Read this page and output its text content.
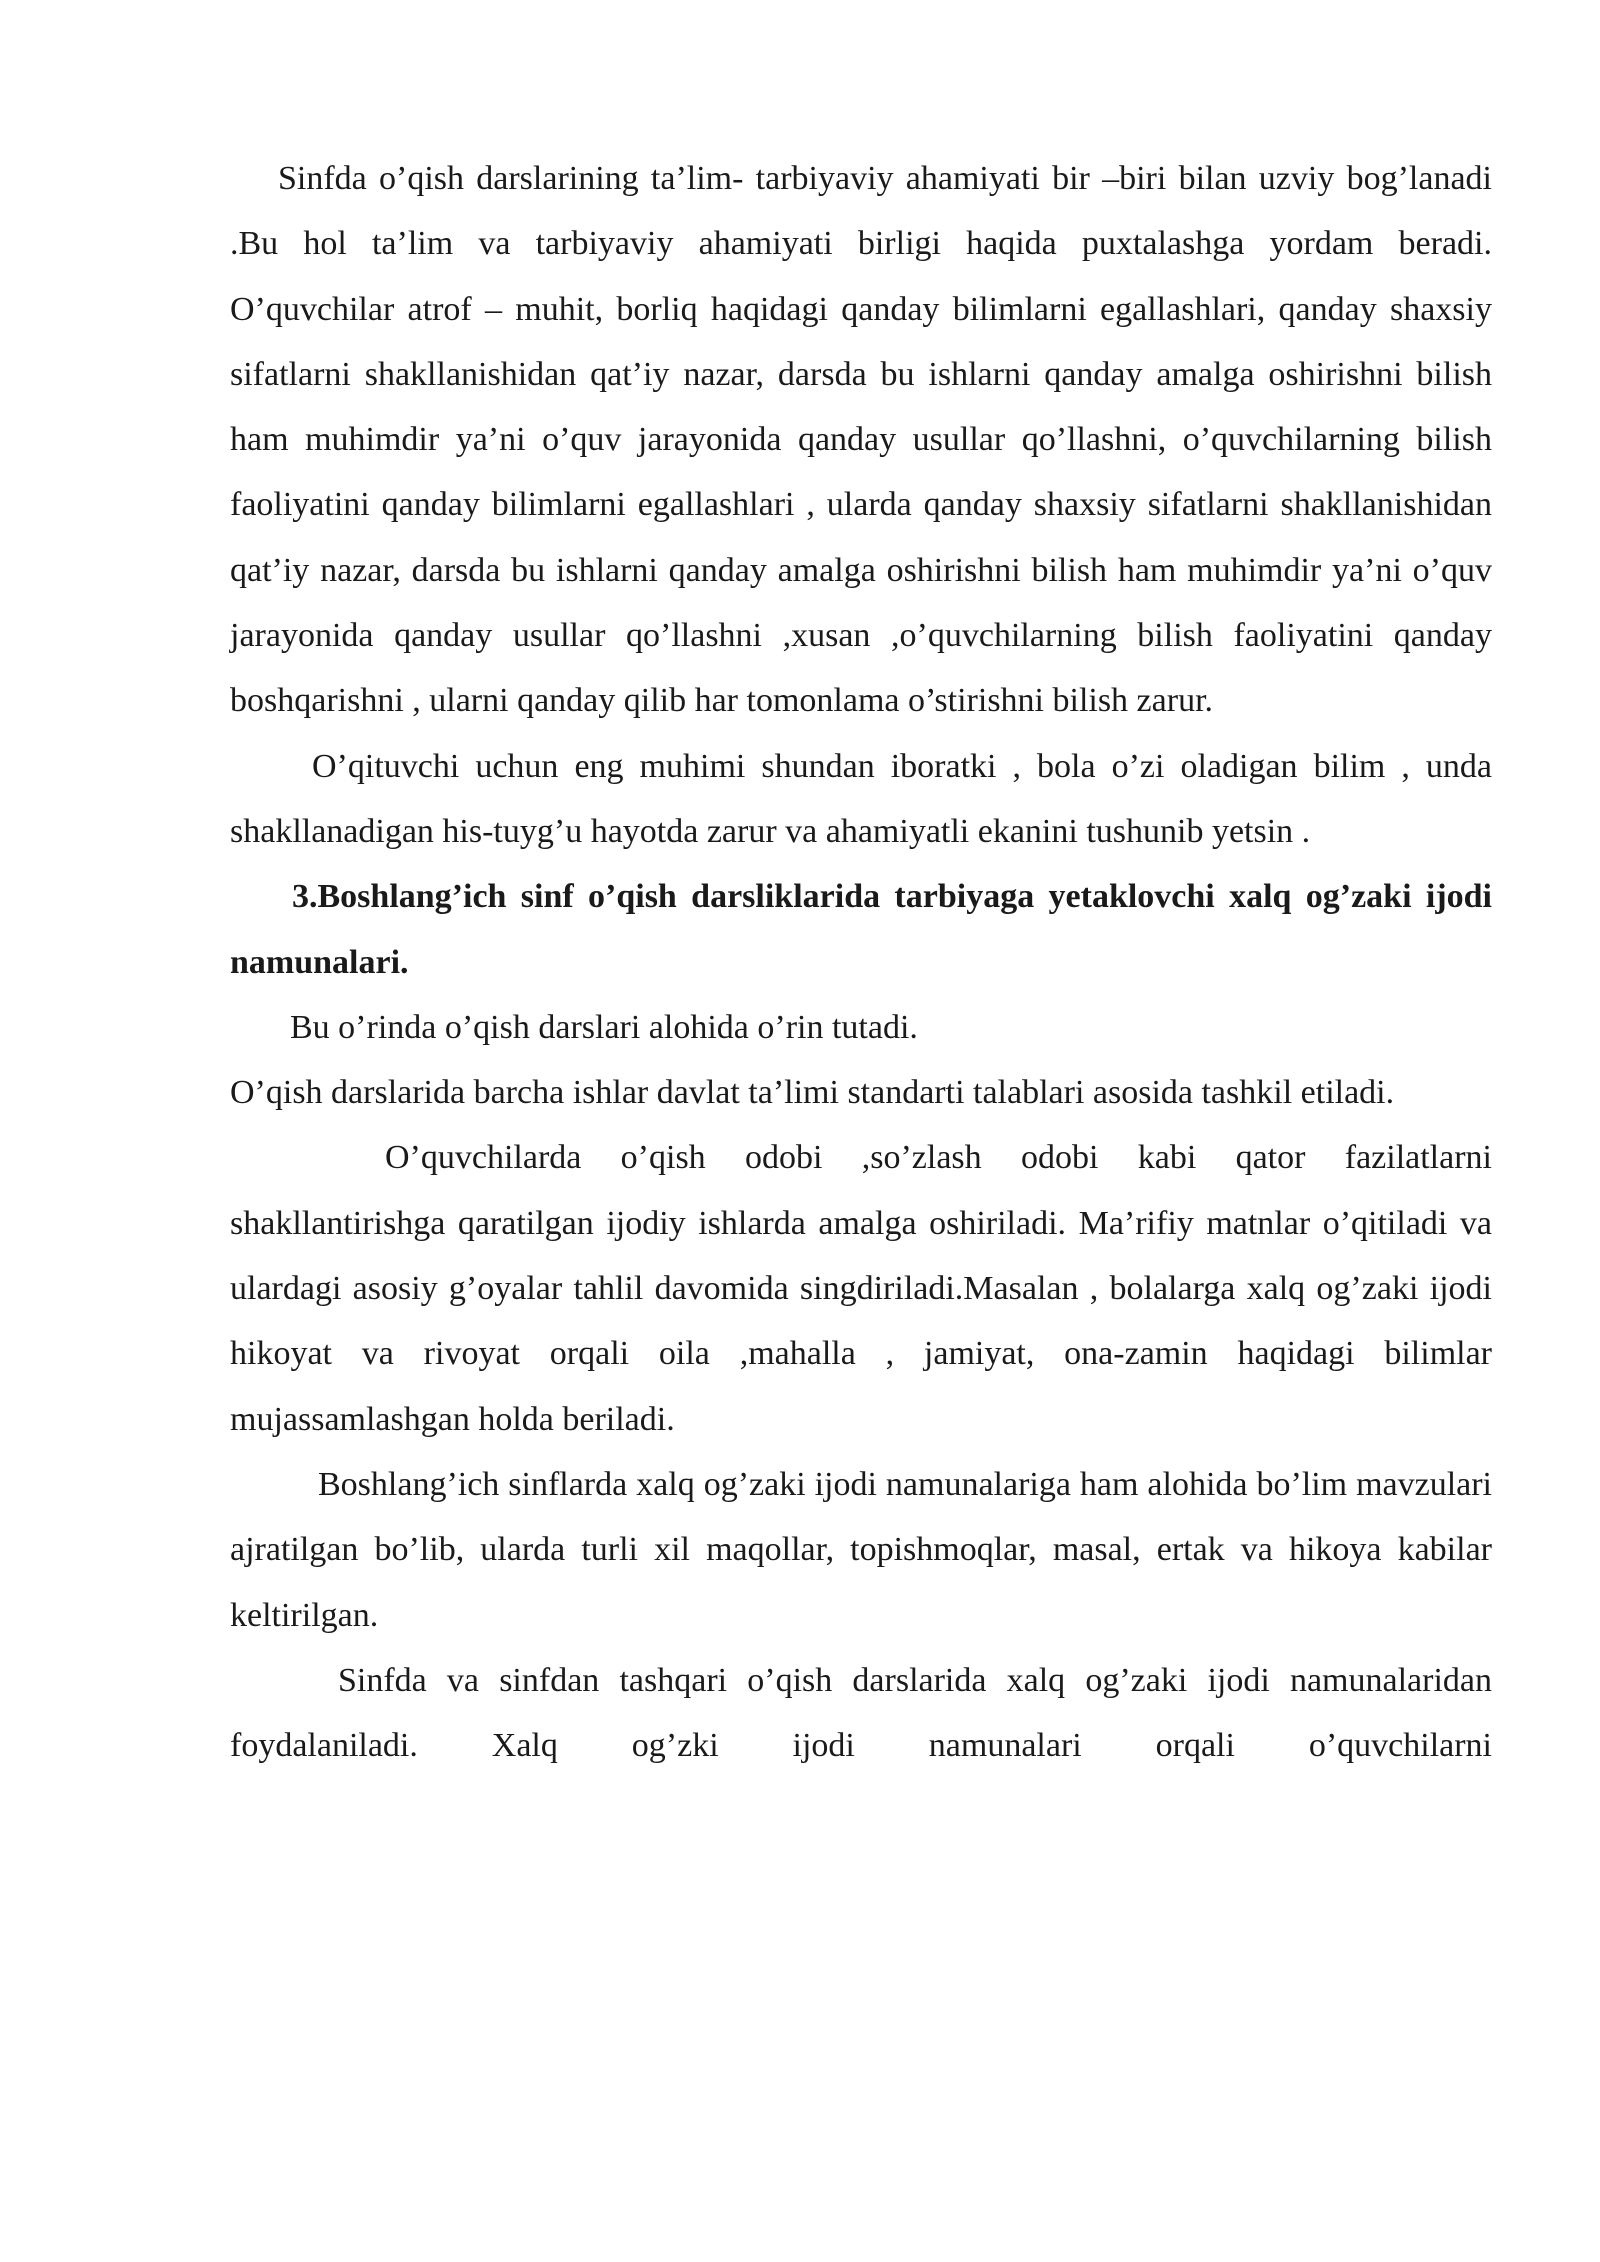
Sinfda o’qish darslarining ta’lim- tarbiyaviy ahamiyati bir –biri bilan uzviy bog’lanadi .Bu hol ta’lim va tarbiyaviy ahamiyati birligi haqida puxtalashga yordam beradi. O’quvchilar atrof – muhit, borliq haqidagi qanday bilimlarni egallashlari, qanday shaxsiy sifatlarni shakllanishidan qat’iy nazar, darsda bu ishlarni qanday amalga oshirishni bilish ham muhimdir ya’ni o’quv jarayonida qanday usullar qo’llashni, o’quvchilarning bilish faoliyatini qanday bilimlarni egallashlari , ularda qanday shaxsiy sifatlarni shakllanishidan qat’iy nazar, darsda bu ishlarni qanday amalga oshirishni bilish ham muhimdir ya’ni o’quv jarayonida qanday usullar qo’llashni ,xusan ,o’quvchilarning bilish faoliyatini qanday boshqarishni , ularni qanday qilib har tomonlama o’stirishni bilish zarur.

O’qituvchi uchun eng muhimi shundan iboratki , bola o’zi oladigan bilim , unda shakllanadigan his-tuyg’u hayotda zarur va ahamiyatli ekanini tushunib yetsin .

3.Boshlang’ich sinf o’qish darsliklarida tarbiyaga yetaklovchi xalq og’zaki ijodi namunalari.

Bu o’rinda o’qish darslari alohida o’rin tutadi.

O’qish darslarida barcha ishlar davlat ta’limi standarti talablari asosida tashkil etiladi.

O’quvchilarda o’qish odobi ,so’zlash odobi kabi qator fazilatlarni shakllantirishga qaratilgan ijodiy ishlarda amalga oshiriladi. Ma’rifiy matnlar o’qitiladi va ulardagi asosiy g’oyalar tahlil davomida singdiriladi.Masalan , bolalarga xalq og’zaki ijodi hikoyat va rivoyat orqali oila ,mahalla , jamiyat, ona-zamin haqidagi bilimlar mujassamlashgan holda beriladi.

Boshlang’ich sinflarda xalq og’zaki ijodi namunalariga ham alohida bo’lim mavzulari ajratilgan bo’lib, ularda turli xil maqollar, topishmoqlar, masal, ertak va hikoya kabilar keltirilgan.

Sinfda va sinfdan tashqari o’qish darslarida xalq og’zaki ijodi namunalaridan foydalaniladi. Xalq og’zki ijodi namunalari orqali o’quvchilarni
